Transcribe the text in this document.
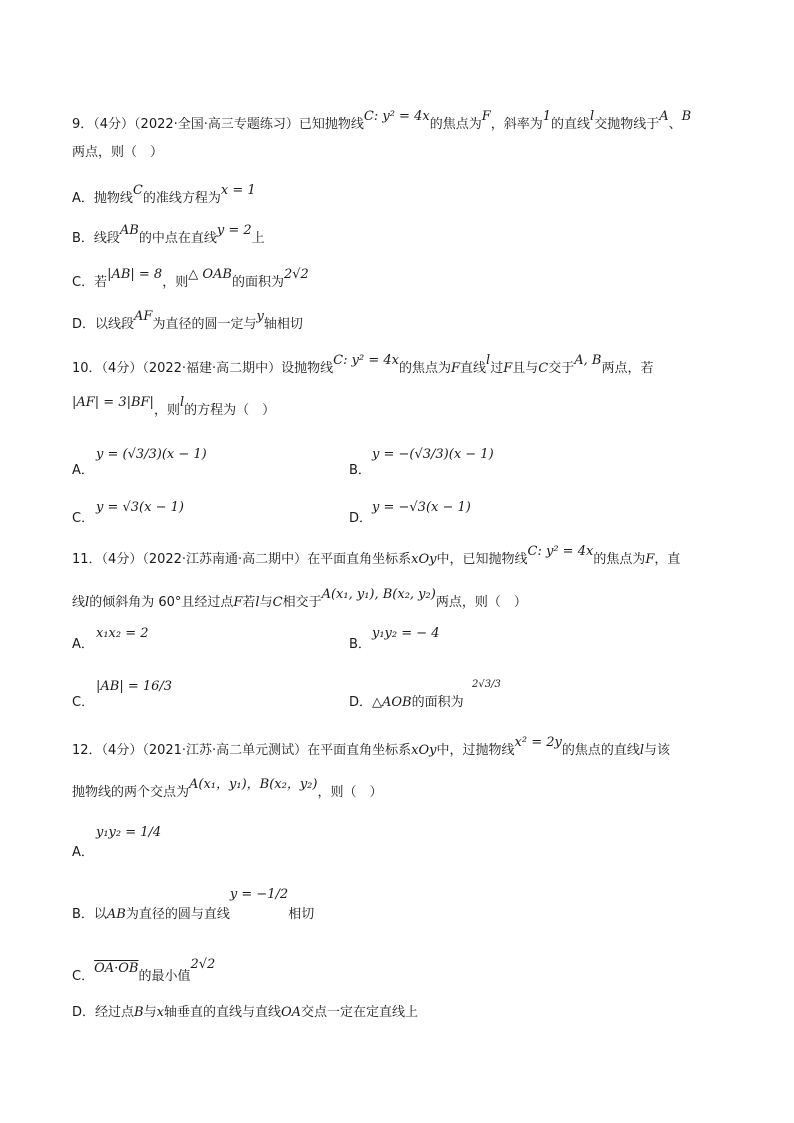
9．（4分）（2022·全国·高三专题练习）已知抛物线C: y² = 4x的焦点为F，斜率为1的直线l交抛物线于A、B
两点，则（　）
A．抛物线C的准线方程为x = 1
B．线段AB的中点在直线y = 2上
C．若|AB| = 8，则△ OAB的面积为2√2
D．以线段AF为直径的圆一定与y轴相切
10．（4分）（2022·福建·高二期中）设抛物线C: y² = 4x的焦点为F直线l过F且与C交于A, B两点，若
|AF| = 3|BF|，则l的方程为（　）
A．
y = (√3/3)(x − 1)
B．
y = −(√3/3)(x − 1)
C．
y = √3(x − 1)
D．
y = −√3(x − 1)
11．（4分）（2022·江苏南通·高二期中）在平面直角坐标系xOy中，已知抛物线C: y² = 4x的焦点为F，直
线l的倾斜角为 60°且经过点F若l与C相交于A(x₁, y₁), B(x₂, y₂)两点，则（　）
A．
x₁x₂ = 2
B．
y₁y₂ = − 4
C．
|AB| = 16/3
D．△AOB的面积为
2√3/3
12．（4分）（2021·江苏·高二单元测试）在平面直角坐标系xOy中，过抛物线x² = 2y的焦点的直线l与该
抛物线的两个交点为A(x₁，y₁)，B(x₂，y₂)，则（　）
y₁y₂ = 1/4
A．
B．以AB为直径的圆与直线y = −1/2相切
C．OA·OB的最小值2√2
D．经过点B与x轴垂直的直线与直线OA交点一定在定直线上
